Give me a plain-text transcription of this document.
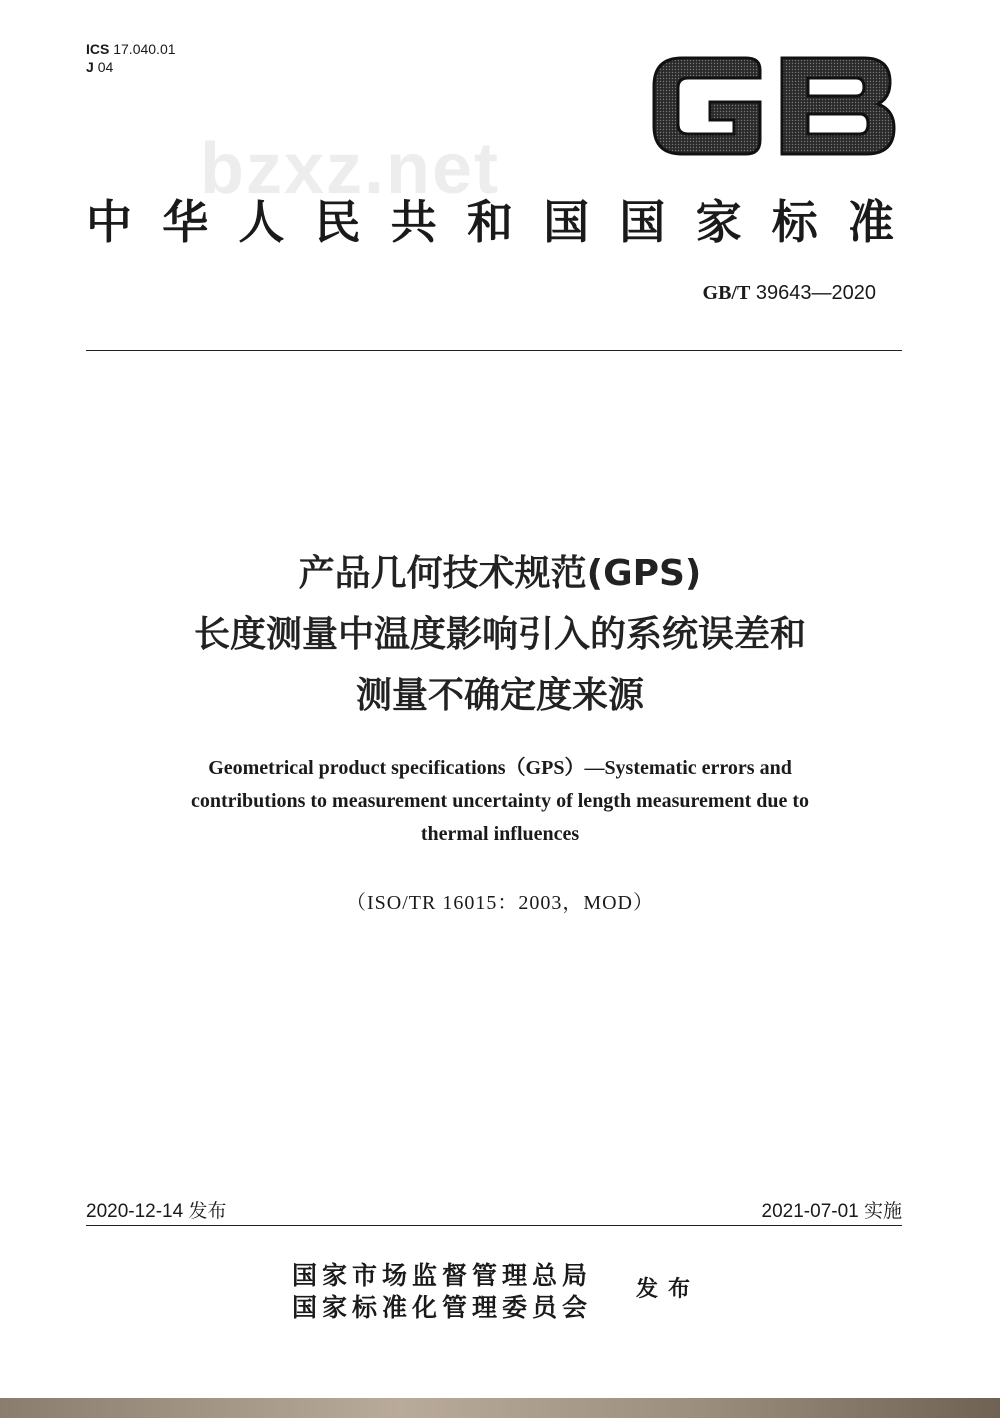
ICS 17.040.01
J 04
bzxz.net
GB
中华人民共和国国家标准
GB/T 39643—2020
产品几何技术规范(GPS)
长度测量中温度影响引入的系统误差和
测量不确定度来源
Geometrical product specifications（GPS）—Systematic errors and
contributions to measurement uncertainty of length measurement due to
thermal influences
（ISO/TR 16015：2003，MOD）
2020-12-14 发布	2021-07-01 实施
国家市场监督管理总局
国家标准化管理委员会
发布
